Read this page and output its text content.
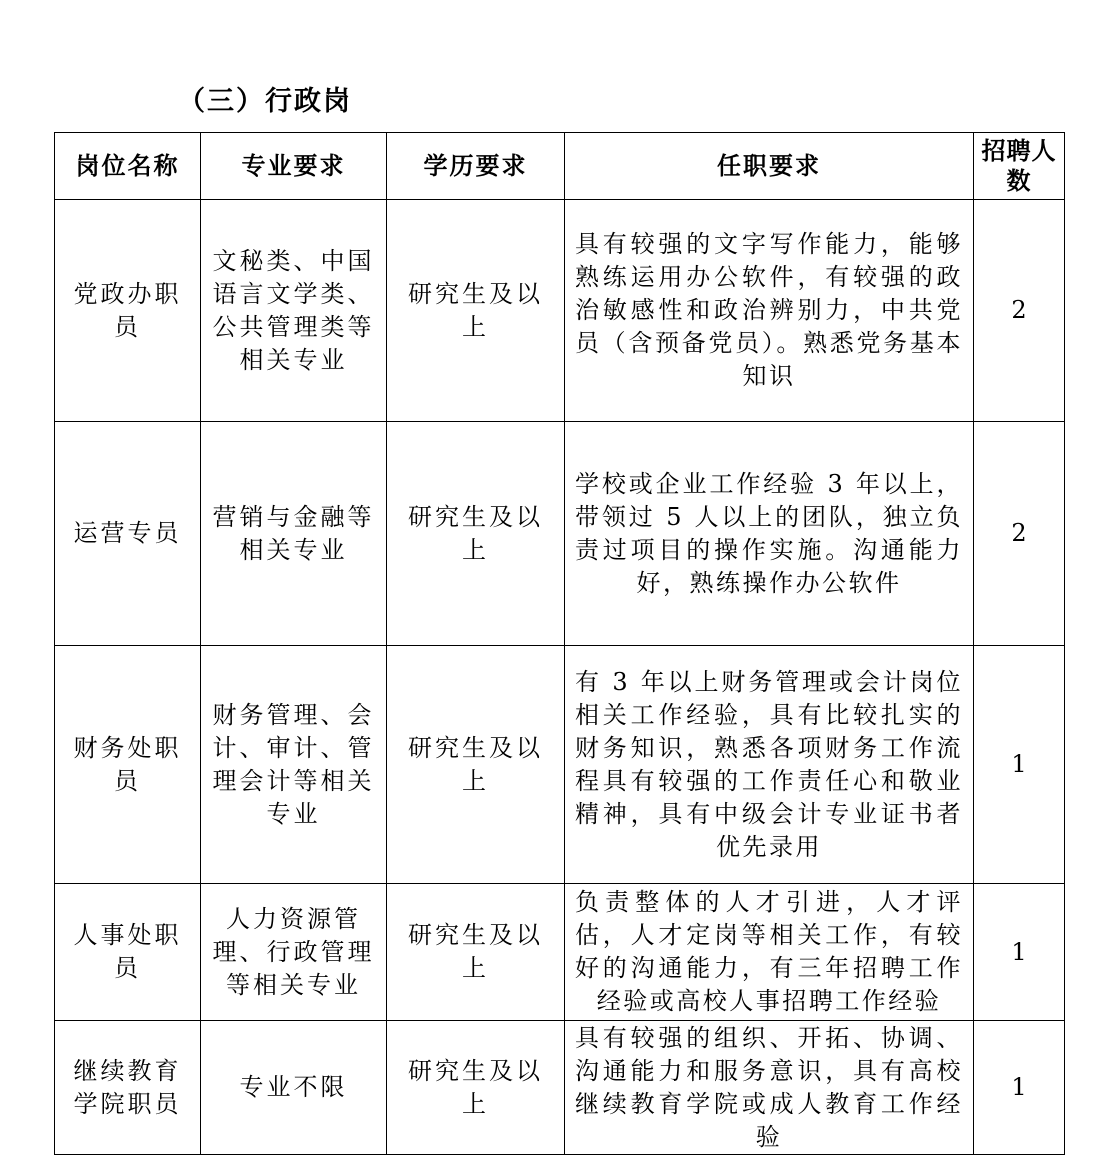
（三）行政岗
岗位名称	专业要求	学历要求	任职要求	招聘人数
党政办职员	文秘类、中国语言文学类、公共管理类等相关专业	研究生及以上	具有较强的文字写作能力，能够熟练运用办公软件，有较强的政治敏感性和政治辨别力，中共党员（含预备党员）。熟悉党务基本知识	2
运营专员	营销与金融等相关专业	研究生及以上	学校或企业工作经验 3 年以上，带领过 5 人以上的团队，独立负责过项目的操作实施。沟通能力好，熟练操作办公软件	2
财务处职员	财务管理、会计、审计、管理会计等相关专业	研究生及以上	有 3 年以上财务管理或会计岗位相关工作经验，具有比较扎实的财务知识，熟悉各项财务工作流程具有较强的工作责任心和敬业精神，具有中级会计专业证书者优先录用	1
人事处职员	人力资源管理、行政管理等相关专业	研究生及以上	负责整体的人才引进，人才评估，人才定岗等相关工作，有较好的沟通能力，有三年招聘工作经验或高校人事招聘工作经验	1
继续教育学院职员	专业不限	研究生及以上	具有较强的组织、开拓、协调、沟通能力和服务意识，具有高校继续教育学院或成人教育工作经验	1
